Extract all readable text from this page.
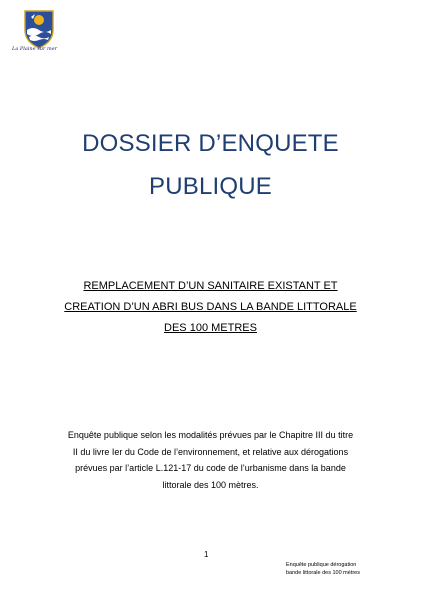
La Plaine sur mer
DOSSIER D’ENQUETE
PUBLIQUE
REMPLACEMENT D’UN SANITAIRE EXISTANT ET
CREATION D’UN ABRI BUS DANS LA BANDE LITTORALE
DES 100 METRES
Enquête publique selon les modalités prévues par le Chapitre III du titre
II du livre Ier du Code de l’environnement, et relative aux dérogations
prévues par l’article L.121-17 du code de l’urbanisme dans la bande
littorale des 100 mètres.
1
Enquête publique dérogation
bande littorale des 100 mètres
